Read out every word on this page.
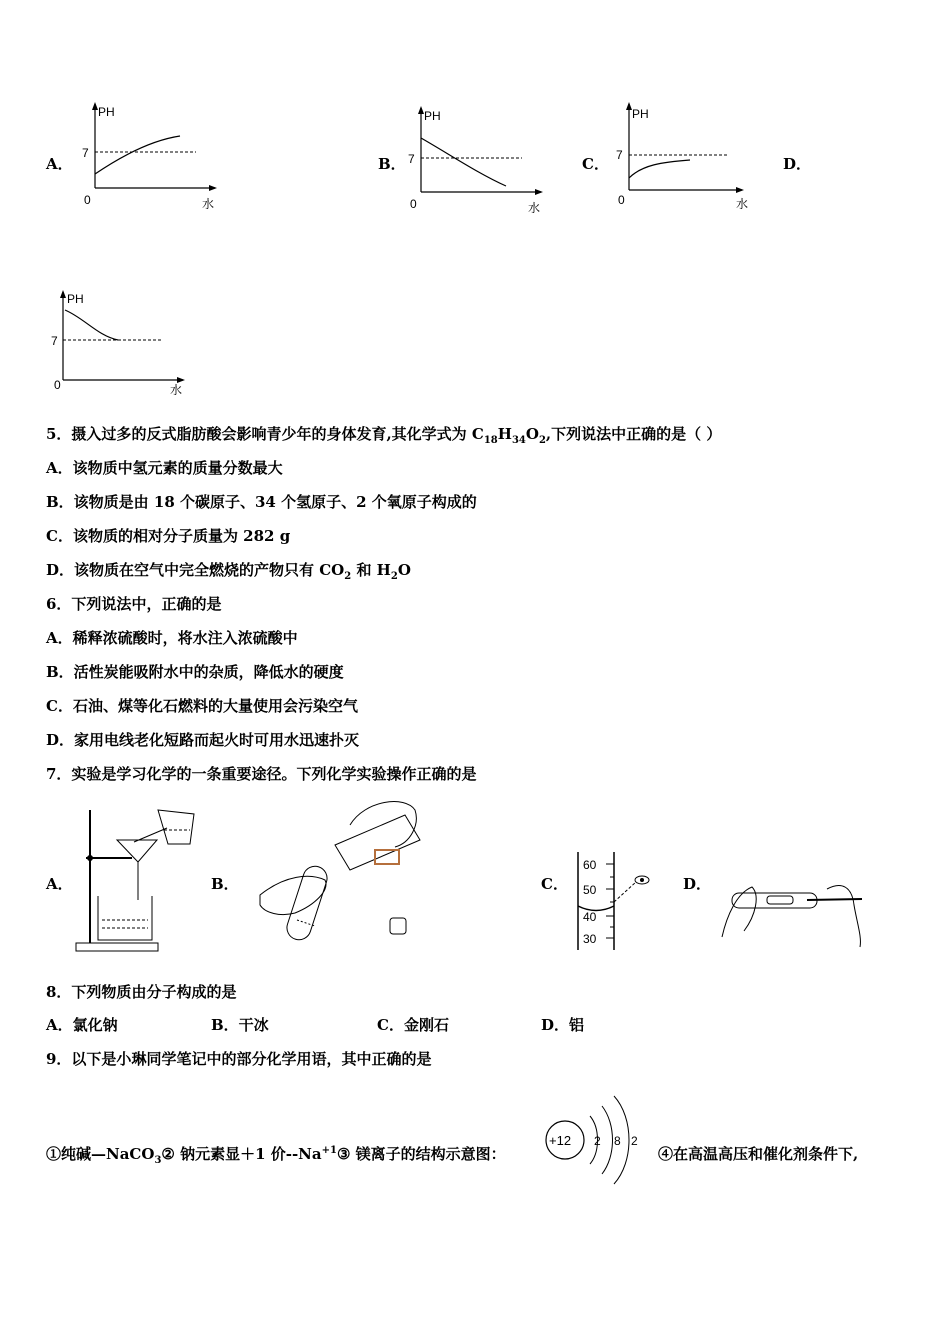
A．
PH
7
0	水
B．
PH
7
0	水
C．
PH
7
0	水
D．
PH
7
0	水
5．摄入过多的反式脂肪酸会影响青少年的身体发育,其化学式为 $C_{18}H_{34}O_2$,下列说法中正确的是（ ）
A．该物质中氢元素的质量分数最大
B．该物质是由 18 个碳原子、34 个氢原子、2 个氧原子构成的
C．该物质的相对分子质量为 282 g
D．该物质在空气中完全燃烧的产物只有 $CO_2$ 和 $H_2O$
6．下列说法中，正确的是
A．稀释浓硫酸时，将水注入浓硫酸中
B．活性炭能吸附水中的杂质，降低水的硬度
C．石油、煤等化石燃料的大量使用会污染空气
D．家用电线老化短路而起火时可用水迅速扑灭
7．实验是学习化学的一条重要途径。下列化学实验操作正确的是
A．	B．	C．
60
50
40
30
D．
8．下列物质由分子构成的是
A．氯化钠	B．干冰	C．金刚石	D．铝
9．以下是小琳同学笔记中的部分化学用语，其中正确的是
①纯碱—NaCO$_3$② 钠元素显＋1 价$--Na^{+1}③$ 镁离子的结构示意图：
+12 2 8 2
④在高温高压和催化剂条件下,
